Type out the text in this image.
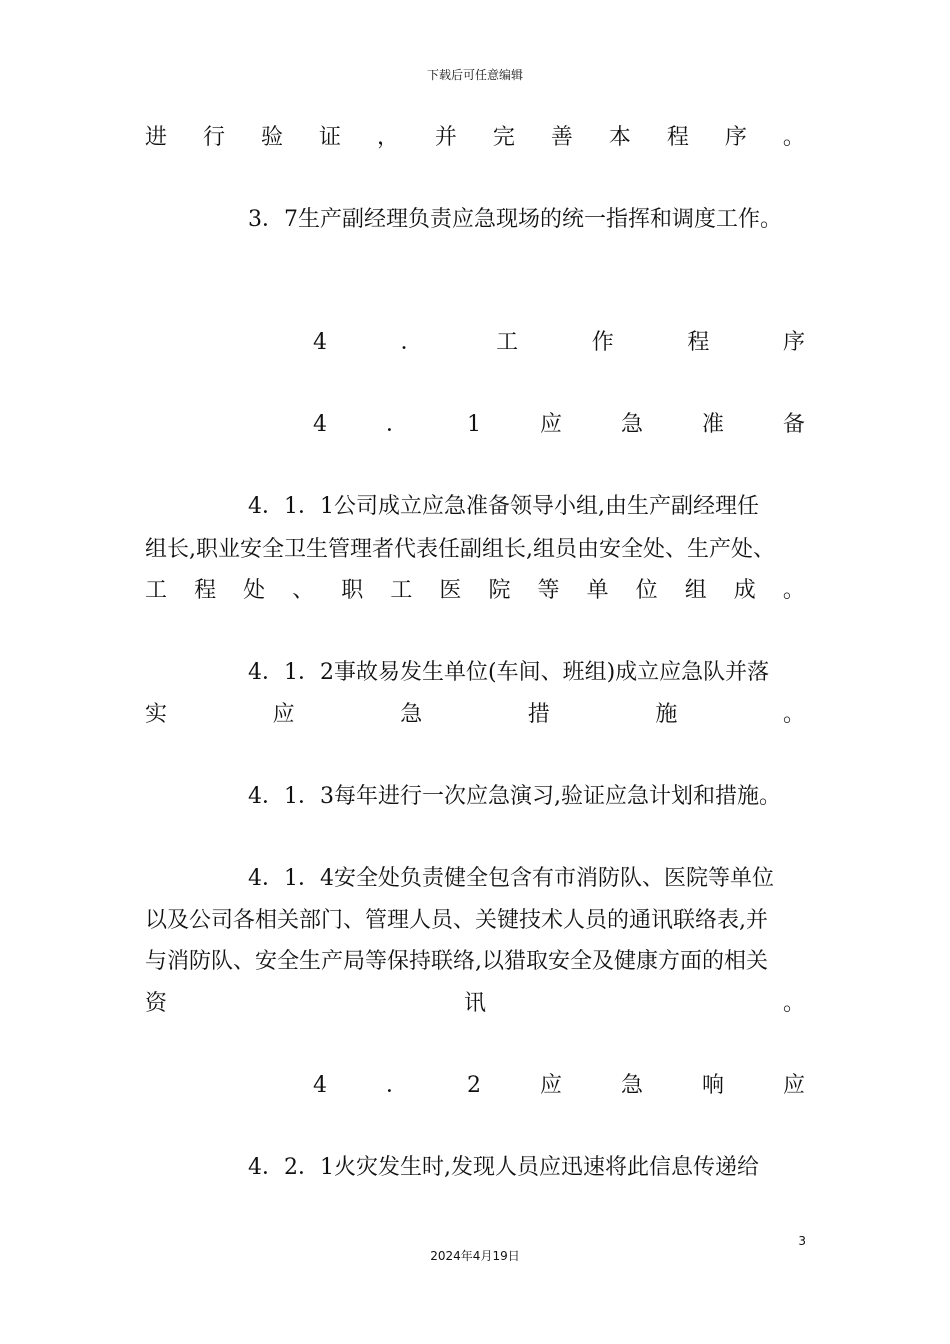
下载后可任意编辑
进 行 验 证 ， 并 完 善 本 程 序 。
3．7生产副经理负责应急现场的统一指挥和调度工作。
4	．	工	作	程	序
4	．	1	应	急	准	备
4．1．1公司成立应急准备领导小组,由生产副经理任
组长,职业安全卫生管理者代表任副组长,组员由安全处、生产处、
工 程 处 、 职 工 医 院 等 单 位 组 成 。
4．1．2事故易发生单位(车间、班组)成立应急队并落
实	应	急	措	施	。
4．1．3每年进行一次应急演习,验证应急计划和措施。
4．1．4安全处负责健全包含有市消防队、医院等单位
以及公司各相关部门、管理人员、关键技术人员的通讯联络表,并
与消防队、安全生产局等保持联络,以猎取安全及健康方面的相关
资	讯	。
4	．	2	应	急	响	应
4．2．1火灾发生时,发现人员应迅速将此信息传递给
3
2024年4月19日
